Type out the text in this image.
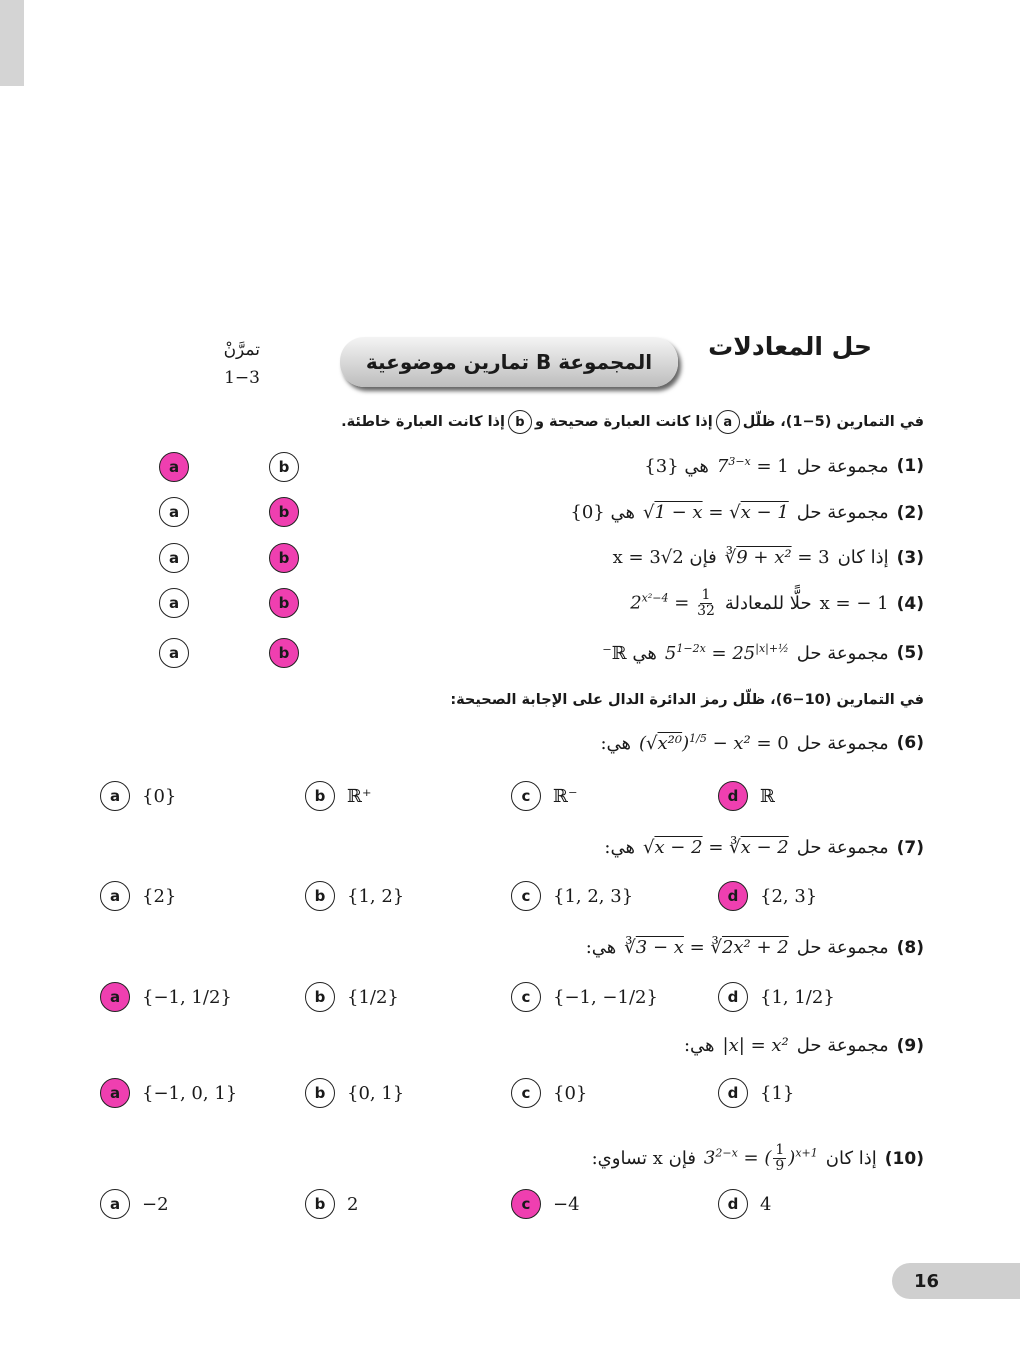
حل المعادلات
المجموعة B تمارين موضوعية
تمرَّنْ
1−3
في التمارين (5−1)، ظلّل
a
إذا كانت العبارة صحيحة و
b
إذا كانت العبارة خاطئة.
(1)
مجموعة حل
$7^{3-x} = 1$
هي {3}
a	b
(2)
مجموعة حل
√1 − x = √x − 1
هي {0}
a	b
(3)
إذا كان
∛9 + x² = 3
فإن x = 3√2
a	b
(4)
x = − 1
حلًّا للمعادلة
$2^{x^2-4} = \frac{1}{32}$
a	b
(5)
مجموعة حل
$5^{1-2x} = 25^{|x|+\frac{1}{2}}$
هي ℝ⁻
a	b
في التمارين (10−6)، ظلّل رمز الدائرة الدال على الإجابة الصحيحة:
(6)
مجموعة حل
$(√x^{20})^{1/5} - x^2 = 0$
هي:
a	{0}	b	ℝ⁺	c	ℝ⁻	d	ℝ
(7)
مجموعة حل
√x − 2 = ∛x − 2
هي:
a	{2}	b	{1, 2}	c	{1, 2, 3}	d	{2, 3}
(8)
مجموعة حل
∛3 − x = ∛2x² + 2
هي:
a	{−1, 1/2}	b	{1/2}	c	{−1, −1/2}	d	{1, 1/2}
(9)
مجموعة حل
|x| = x²
هي:
a	{−1, 0, 1}	b	{0, 1}	c	{0}	d	{1}
(10)
إذا كان
$3^{2-x}$ = ( $\frac{1}{9} )^{x+1}$
فإن x تساوي:
a	−2	b	2	c	−4	d	4
16
